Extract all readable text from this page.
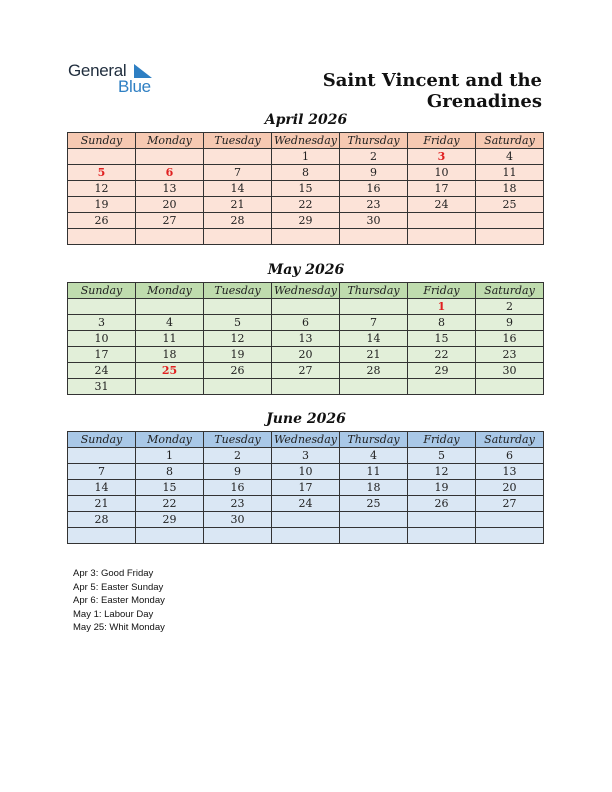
General
Blue	Saint Vincent and the Grenadines
April 2026
Sunday	Monday	Tuesday	Wednesday	Thursday	Friday	Saturday
			1	2	3	4
5	6	7	8	9	10	11
12	13	14	15	16	17	18
19	20	21	22	23	24	25
26	27	28	29	30		

May 2026
Sunday	Monday	Tuesday	Wednesday	Thursday	Friday	Saturday
					1	2
3	4	5	6	7	8	9
10	11	12	13	14	15	16
17	18	19	20	21	22	23
24	25	26	27	28	29	30
31						
June 2026
Sunday	Monday	Tuesday	Wednesday	Thursday	Friday	Saturday
	1	2	3	4	5	6
7	8	9	10	11	12	13
14	15	16	17	18	19	20
21	22	23	24	25	26	27
28	29	30				

Apr 3: Good Friday
Apr 5: Easter Sunday
Apr 6: Easter Monday
May 1: Labour Day
May 25: Whit Monday
